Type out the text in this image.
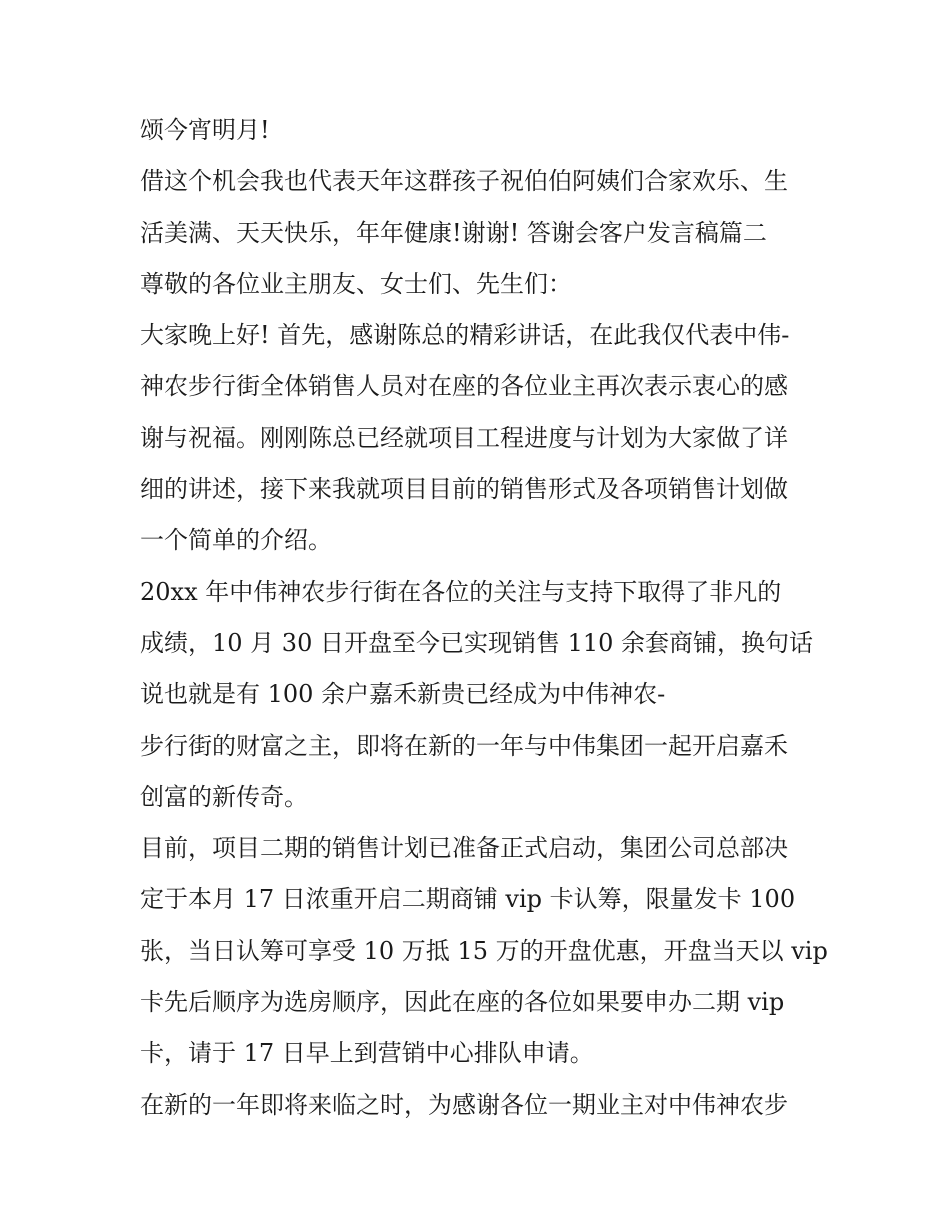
颂今宵明月!
借这个机会我也代表天年这群孩子祝伯伯阿姨们合家欢乐、生
活美满、天天快乐，年年健康!谢谢! 答谢会客户发言稿篇二
尊敬的各位业主朋友、女士们、先生们：
大家晚上好! 首先，感谢陈总的精彩讲话，在此我仅代表中伟-
神农步行街全体销售人员对在座的各位业主再次表示衷心的感
谢与祝福。刚刚陈总已经就项目工程进度与计划为大家做了详
细的讲述，接下来我就项目目前的销售形式及各项销售计划做
一个简单的介绍。
20xx 年中伟神农步行街在各位的关注与支持下取得了非凡的
成绩，10 月 30 日开盘至今已实现销售 110 余套商铺，换句话
说也就是有 100 余户嘉禾新贵已经成为中伟神农-
步行街的财富之主，即将在新的一年与中伟集团一起开启嘉禾
创富的新传奇。
目前，项目二期的销售计划已准备正式启动，集团公司总部决
定于本月 17 日浓重开启二期商铺 vip 卡认筹，限量发卡 100
张，当日认筹可享受 10 万抵 15 万的开盘优惠，开盘当天以 vip
卡先后顺序为选房顺序，因此在座的各位如果要申办二期 vip
卡，请于 17 日早上到营销中心排队申请。
在新的一年即将来临之时，为感谢各位一期业主对中伟神农步
